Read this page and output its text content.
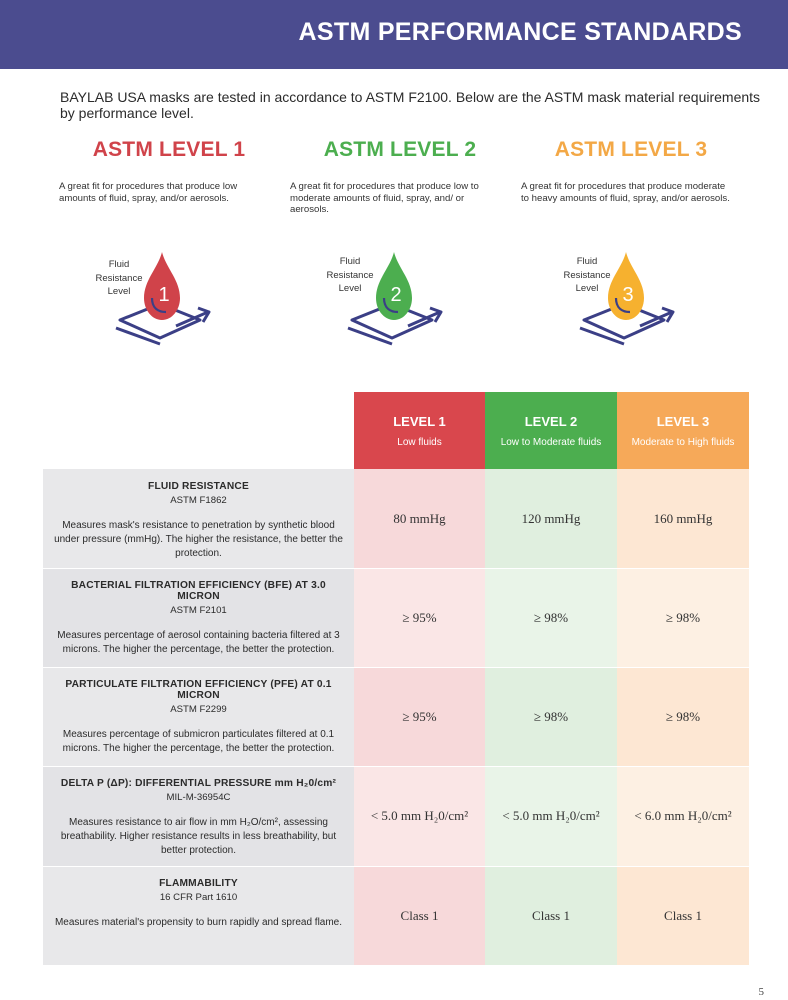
ASTM PERFORMANCE STANDARDS
BAYLAB USA masks are tested in accordance to ASTM F2100. Below are the ASTM mask material requirements by performance level.
ASTM LEVEL 1
A great fit for procedures that produce low amounts of fluid, spray, and/or aerosols.
ASTM LEVEL 2
A great fit for procedures that produce low to moderate amounts of fluid, spray, and/ or aerosols.
ASTM LEVEL 3
A great fit for procedures that produce moderate to heavy amounts of fluid, spray, and/or aerosols.
Fluid
Resistance
Level	1
Fluid
Resistance
Level	2
Fluid
Resistance
Level	3
LEVEL 1
Low fluids
LEVEL 2
Low to Moderate fluids
LEVEL 3
Moderate to High fluids
FLUID RESISTANCE
ASTM F1862
Measures mask's resistance to penetration by synthetic blood under pressure (mmHg). The higher the resistance, the better the protection.
80 mmHg	120 mmHg	160 mmHg
BACTERIAL FILTRATION EFFICIENCY (BFE) AT 3.0 MICRON
ASTM F2101
Measures percentage of aerosol containing bacteria filtered at 3 microns. The higher the percentage, the better the protection.
≥ 95%	≥ 98%	≥ 98%
PARTICULATE FILTRATION EFFICIENCY (PFE) AT 0.1 MICRON
ASTM F2299
Measures percentage of submicron particulates filtered at 0.1 microns. The higher the percentage, the better the protection.
≥ 95%	≥ 98%	≥ 98%
DELTA P (ΔP): DIFFERENTIAL PRESSURE mm H₂0/cm²
MIL-M-36954C
Measures resistance to air flow in mm H₂O/cm², assessing breathability. Higher resistance results in less breathability, but better protection.
< 5.0 mm H₂0/cm²	< 5.0 mm H₂0/cm²	< 6.0 mm H₂0/cm²
FLAMMABILITY
16 CFR Part 1610
Measures material's propensity to burn rapidly and spread flame.	Class 1	Class 1	Class 1
5
